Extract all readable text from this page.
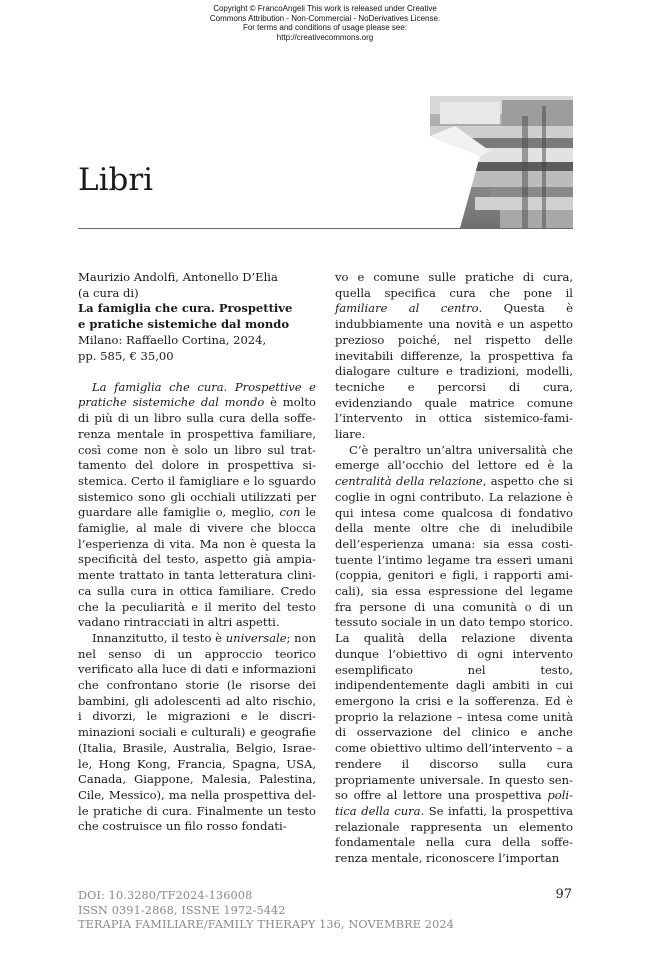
Copyright © FrancoAngeli This work is released under Creative
Commons Attribution - Non-Commercial - NoDerivatives License.
For terms and conditions of usage please see:
http://creativecommons.org
Libri
Maurizio Andolfi, Antonello D’Elia
(a cura di)
La famiglia che cura. Prospettive
e pratiche sistemiche dal mondo
Milano: Raffaello Cortina, 2024,
pp. 585, € 35,00

La famiglia che cura. Prospettive e pratiche sistemiche dal mondo è molto di più di un libro sulla cura della sofferenza mentale in prospettiva familiare, così come non è solo un libro sul trattamento del dolore in prospettiva sistemica. Certo il famigliare e lo sguardo sistemico sono gli occhiali utilizzati per guardare alle famiglie o, meglio, con le famiglie, al male di vivere che blocca l’esperienza di vita. Ma non è questa la specificità del testo, aspetto già ampiamente trattato in tanta letteratura clinica sulla cura in ottica familiare. Credo che la peculiarità e il merito del testo vadano rintracciati in altri aspetti.

Innanzitutto, il testo è universale; non nel senso di un approccio teorico verificato alla luce di dati e informazioni che confrontano storie (le risorse dei bambini, gli adolescenti ad alto rischio, i divorzi, le migrazioni e le discriminazioni sociali e culturali) e geografie (Italia, Brasile, Australia, Belgio, Israele, Hong Kong, Francia, Spagna, USA, Canada, Giappone, Malesia, Palestina, Cile, Messico), ma nella prospettiva delle pratiche di cura. Finalmente un testo che costruisce un filo rosso fondati-

vo e comune sulle pratiche di cura, quella specifica cura che pone il familiare al centro. Questa è indubbiamente una novità e un aspetto prezioso poiché, nel rispetto delle inevitabili differenze, la prospettiva fa dialogare culture e tradizioni, modelli, tecniche e percorsi di cura, evidenziando quale matrice comune l’intervento in ottica sistemico-familiare.

C’è peraltro un’altra universalità che emerge all’occhio del lettore ed è la centralità della relazione, aspetto che si coglie in ogni contributo. La relazione è qui intesa come qualcosa di fondativo della mente oltre che di ineludibile dell’esperienza umana: sia essa costituente l’intimo legame tra esseri umani (coppia, genitori e figli, i rapporti amicali), sia essa espressione del legame fra persone di una comunità o di un tessuto sociale in un dato tempo storico. La qualità della relazione diventa dunque l’obiettivo di ogni intervento esemplificato nel testo, indipendentemente dagli ambiti in cui emergono la crisi e la sofferenza. Ed è proprio la relazione – intesa come unità di osservazione del clinico e anche come obiettivo ultimo dell’intervento – a rendere il discorso sulla cura propriamente universale. In questo senso offre al lettore una prospettiva politica della cura. Se infatti, la prospettiva relazionale rappresenta un elemento fondamentale nella cura della sofferenza mentale, riconoscere l’importan

DOI: 10.3280/TF2024-136008
ISSN 0391-2868, ISSNE 1972-5442
TERAPIA FAMILIARE/FAMILY THERAPY 136, NOVEMBRE 2024
97
